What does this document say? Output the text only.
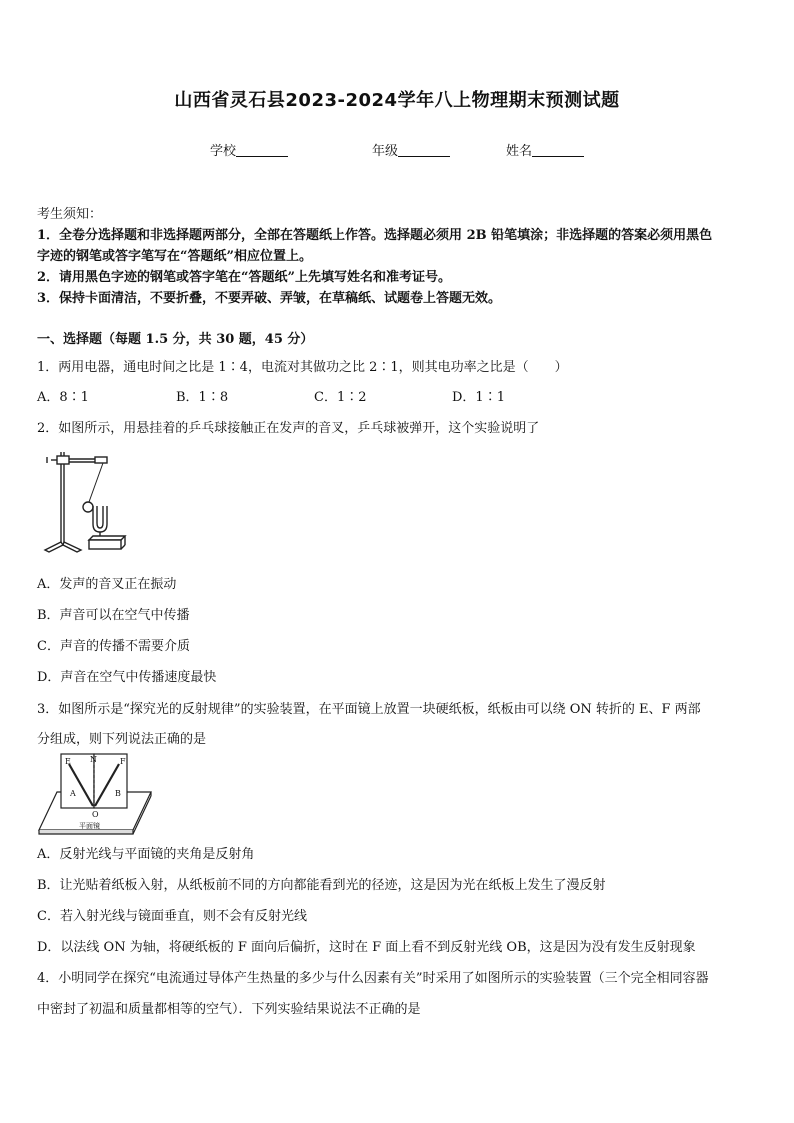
山西省灵石县2023-2024学年八上物理期末预测试题
学校	年级	姓名
考生须知：
1．全卷分选择题和非选择题两部分，全部在答题纸上作答。选择题必须用 2B 铅笔填涂；非选择题的答案必须用黑色
字迹的钢笔或答字笔写在“答题纸”相应位置上。
2．请用黑色字迹的钢笔或答字笔在“答题纸”上先填写姓名和准考证号。
3．保持卡面清洁，不要折叠，不要弄破、弄皱，在草稿纸、试题卷上答题无效。
一、选择题（每题 1.5 分，共 30 题，45 分）
1．两用电器，通电时间之比是 1∶4，电流对其做功之比 2∶1，则其电功率之比是（　　）
A．8∶1	B．1∶8	C．1∶2	D．1∶1
2．如图所示，用悬挂着的乒乓球接触正在发声的音叉，乒乓球被弹开，这个实验说明了
A．发声的音叉正在振动
B．声音可以在空气中传播
C．声音的传播不需要介质
D．声音在空气中传播速度最快
3．如图所示是“探究光的反射规律”的实验装置，在平面镜上放置一块硬纸板，纸板由可以绕 ON 转折的 E、F 两部
分组成，则下列说法正确的是
E N	F
A	B
O
平面镜
A．反射光线与平面镜的夹角是反射角
B．让光贴着纸板入射，从纸板前不同的方向都能看到光的径迹，这是因为光在纸板上发生了漫反射
C．若入射光线与镜面垂直，则不会有反射光线
D．以法线 ON 为轴，将硬纸板的 F 面向后偏折，这时在 F 面上看不到反射光线 OB，这是因为没有发生反射现象
4．小明同学在探究“电流通过导体产生热量的多少与什么因素有关”时采用了如图所示的实验装置（三个完全相同容器
中密封了初温和质量都相等的空气）．下列实验结果说法不正确的是
